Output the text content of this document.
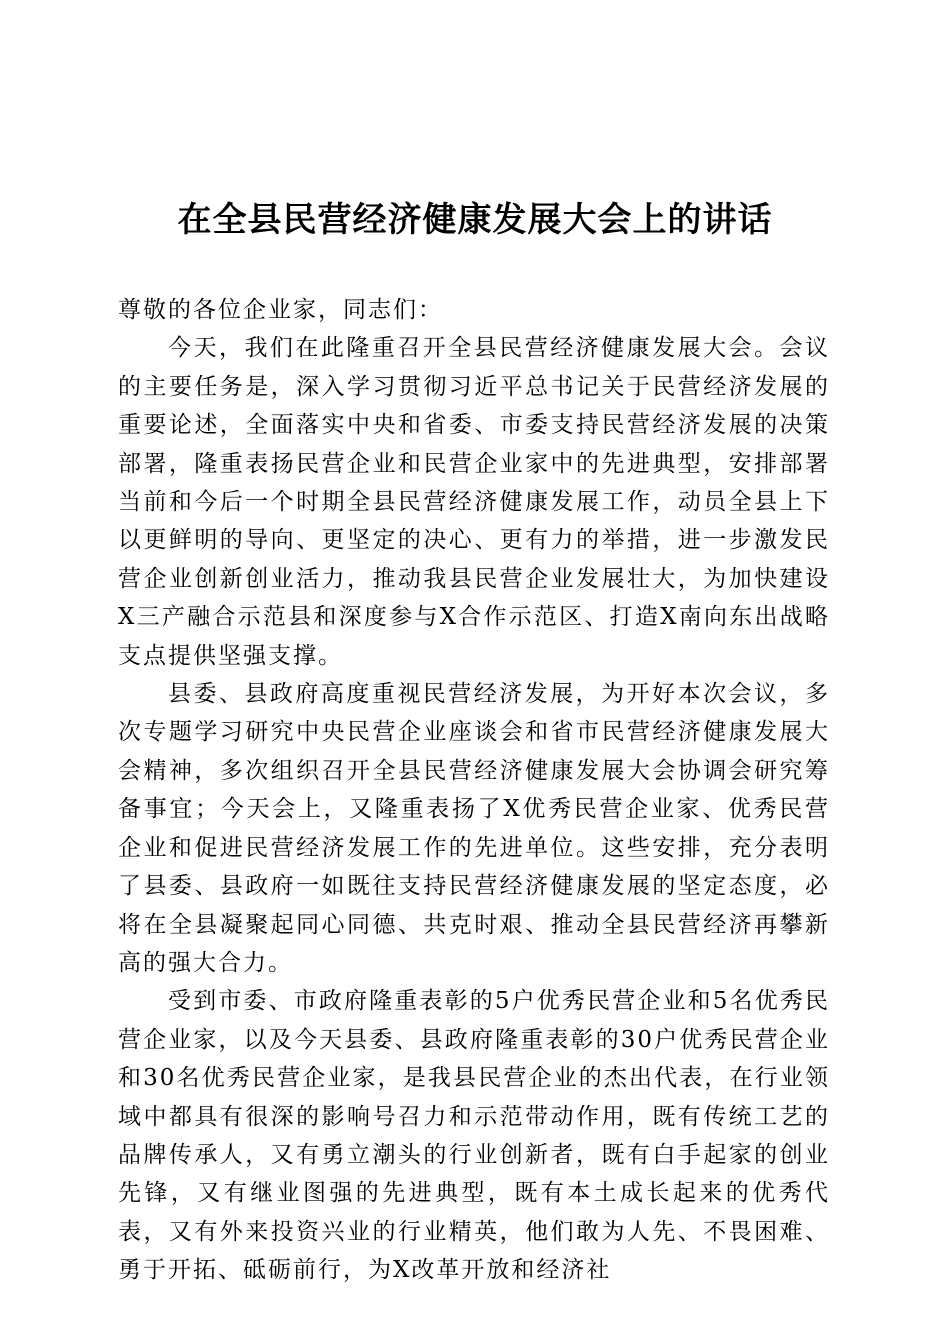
在全县民营经济健康发展大会上的讲话

尊敬的各位企业家，同志们：

今天，我们在此隆重召开全县民营经济健康发展大会。会议的主要任务是，深入学习贯彻习近平总书记关于民营经济发展的重要论述，全面落实中央和省委、市委支持民营经济发展的决策部署，隆重表扬民营企业和民营企业家中的先进典型，安排部署当前和今后一个时期全县民营经济健康发展工作，动员全县上下以更鲜明的导向、更坚定的决心、更有力的举措，进一步激发民营企业创新创业活力，推动我县民营企业发展壮大，为加快建设X三产融合示范县和深度参与X合作示范区、打造X南向东出战略支点提供坚强支撑。

县委、县政府高度重视民营经济发展，为开好本次会议，多次专题学习研究中央民营企业座谈会和省市民营经济健康发展大会精神，多次组织召开全县民营经济健康发展大会协调会研究筹备事宜；今天会上，又隆重表扬了X优秀民营企业家、优秀民营企业和促进民营经济发展工作的先进单位。这些安排，充分表明了县委、县政府一如既往支持民营经济健康发展的坚定态度，必将在全县凝聚起同心同德、共克时艰、推动全县民营经济再攀新高的强大合力。

受到市委、市政府隆重表彰的5户优秀民营企业和5名优秀民营企业家，以及今天县委、县政府隆重表彰的30户优秀民营企业和30名优秀民营企业家，是我县民营企业的杰出代表，在行业领域中都具有很深的影响号召力和示范带动作用，既有传统工艺的品牌传承人，又有勇立潮头的行业创新者，既有白手起家的创业先锋，又有继业图强的先进典型，既有本土成长起来的优秀代表，又有外来投资兴业的行业精英，他们敢为人先、不畏困难、勇于开拓、砥砺前行，为X改革开放和经济社
